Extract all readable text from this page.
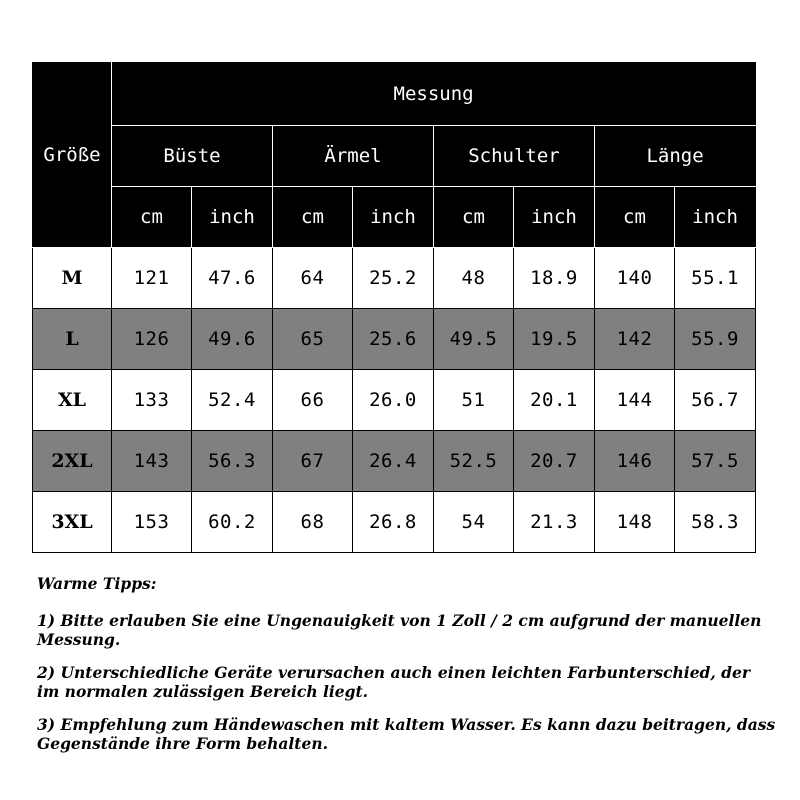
Größe	Messung							
	Büste		Ärmel		Schulter		Länge	
	cm	inch	cm	inch	cm	inch	cm	inch
M	121	47.6	64	25.2	48	18.9	140	55.1
L	126	49.6	65	25.6	49.5	19.5	142	55.9
XL	133	52.4	66	26.0	51	20.1	144	56.7
2XL	143	56.3	67	26.4	52.5	20.7	146	57.5
3XL	153	60.2	68	26.8	54	21.3	148	58.3

Warme Tipps:

1) Bitte erlauben Sie eine Ungenauigkeit von 1 Zoll / 2 cm aufgrund der manuellen Messung.

2) Unterschiedliche Geräte verursachen auch einen leichten Farbunterschied, der im normalen zulässigen Bereich liegt.

3) Empfehlung zum Händewaschen mit kaltem Wasser. Es kann dazu beitragen, dass Gegenstände ihre Form behalten.
